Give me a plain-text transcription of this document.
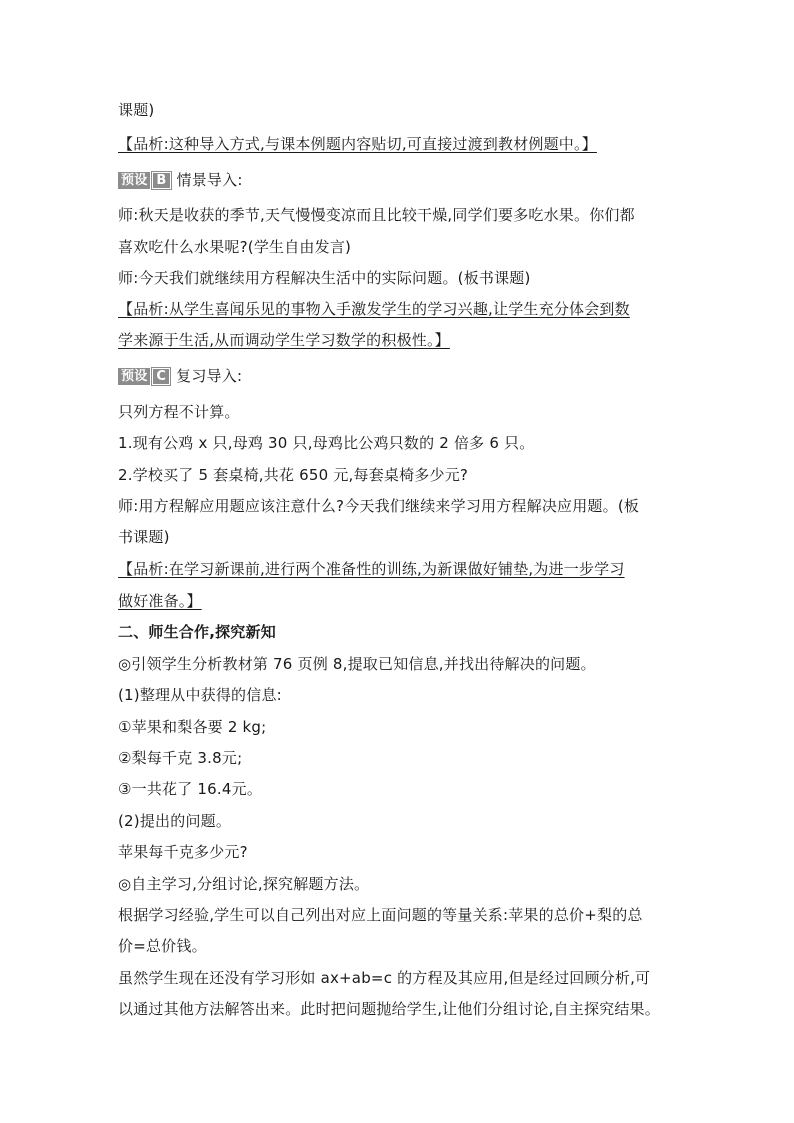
课题)
【品析:这种导入方式,与课本例题内容贴切,可直接过渡到教材例题中。】
预设 B 情景导入:
师:秋天是收获的季节,天气慢慢变凉而且比较干燥,同学们要多吃水果。你们都
喜欢吃什么水果呢?(学生自由发言)
师:今天我们就继续用方程解决生活中的实际问题。(板书课题)
【品析:从学生喜闻乐见的事物入手激发学生的学习兴趣,让学生充分体会到数
学来源于生活,从而调动学生学习数学的积极性。】
预设 C 复习导入:
只列方程不计算。
1.现有公鸡 x 只,母鸡 30 只,母鸡比公鸡只数的 2 倍多 6 只。
2.学校买了 5 套桌椅,共花 650 元,每套桌椅多少元?
师:用方程解应用题应该注意什么?今天我们继续来学习用方程解决应用题。(板
书课题)
【品析:在学习新课前,进行两个准备性的训练,为新课做好铺垫,为进一步学习
做好准备。】
二、师生合作,探究新知
◎引领学生分析教材第 76 页例 8,提取已知信息,并找出待解决的问题。
(1)整理从中获得的信息:
①苹果和梨各要 2 kg;
②梨每千克 3.8元;
③一共花了 16.4元。
(2)提出的问题。
苹果每千克多少元?
◎自主学习,分组讨论,探究解题方法。
根据学习经验,学生可以自己列出对应上面问题的等量关系:苹果的总价+梨的总
价=总价钱。
虽然学生现在还没有学习形如 ax+ab=c 的方程及其应用,但是经过回顾分析,可
以通过其他方法解答出来。此时把问题抛给学生,让他们分组讨论,自主探究结果。
